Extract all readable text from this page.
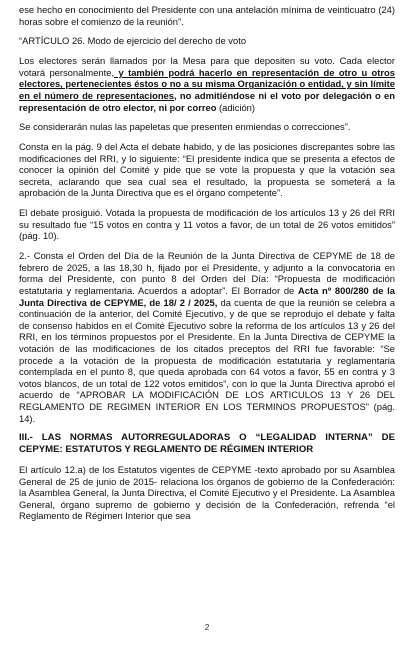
ese hecho en conocimiento del Presidente con una antelación mínima de veinticuatro (24) horas sobre el comienzo de la reunión”.

“ARTÍCULO 26. Modo de ejercicio del derecho de voto

Los electores serán llamados por la Mesa para que depositen su voto. Cada elector votará personalmente, y también podrá hacerlo en representación de otro u otros electores, pertenecientes éstos o no a su misma Organización o entidad, y sin límite en el número de representaciones, no admitiéndose ni el voto por delegación o en representación de otro elector, ni por correo (adición)

Se considerarán nulas las papeletas que presenten enmiendas o correcciones”.

Consta en la pág. 9 del Acta el debate habido, y de las posiciones discrepantes sobre las modificaciones del RRI, y lo siguiente: “El presidente indica que se presenta a efectos de conocer la opinión del Comité y pide que se vote la propuesta y que la votación sea secreta, aclarando que sea cual sea el resultado, la propuesta se someterá a la aprobación de la Junta Directiva que es el órgano competente”.

El debate prosiguió. Votada la propuesta de modificación de los artículos 13 y 26 del RRI su resultado fue “15 votos en contra y 11 votos a favor, de un total de 26 votos emitidos” (pág. 10).

2.- Consta el Orden del Día de la Reunión de la Junta Directiva de CEPYME de 18 de febrero de 2025, a las 18,30 h, fijado por el Presidente, y adjunto a la convocatoria en forma del Presidente, con punto 8 del Orden del Día: “Propuesta de modificación estatutaria y reglamentaria. Acuerdos a adoptar”. El Borrador de Acta nº 800/280 de la Junta Directiva de CEPYME, de 18/ 2 / 2025, da cuenta de que la reunión se celebra a continuación de la anterior, del Comité Ejecutivo, y de que se reprodujo el debate y falta de consenso habidos en el Comité Ejecutivo sobre la reforma de los artículos 13 y 26 del RRI, en los términos propuestos por el Presidente. En la Junta Directiva de CEPYME la votación de las modificaciones de los citados preceptos del RRI fue favorable: “Se procede a la votación de la propuesta de modificación estatutaria y reglamentaria contemplada en el punto 8, que queda aprobada con 64 votos a favor, 55 en contra y 3 votos blancos, de un total de 122 votos emitidos”, con lo que la Junta Directiva aprobó el acuerdo de “APROBAR LA MODIFICACIÓN DE LOS ARTICULOS 13 Y 26 DEL REGLAMENTO DE REGIMEN INTERIOR EN LOS TERMINOS PROPUESTOS” (pág. 14).

III.- LAS NORMAS AUTORREGULADORAS O “LEGALIDAD INTERNA” DE CEPYME: ESTATUTOS Y REGLAMENTO DE RÉGIMEN INTERIOR

El artículo 12.a) de los Estatutos vigentes de CEPYME -texto aprobado por su Asamblea General de 25 de junio de 2015- relaciona los órganos de gobierno de la Confederación: la Asamblea General, la Junta Directiva, el Comité Ejecutivo y el Presidente. La Asamblea General, órgano supremo de gobierno y decisión de la Confederación, refrenda “el Reglamento de Régimen Interior que sea

2
